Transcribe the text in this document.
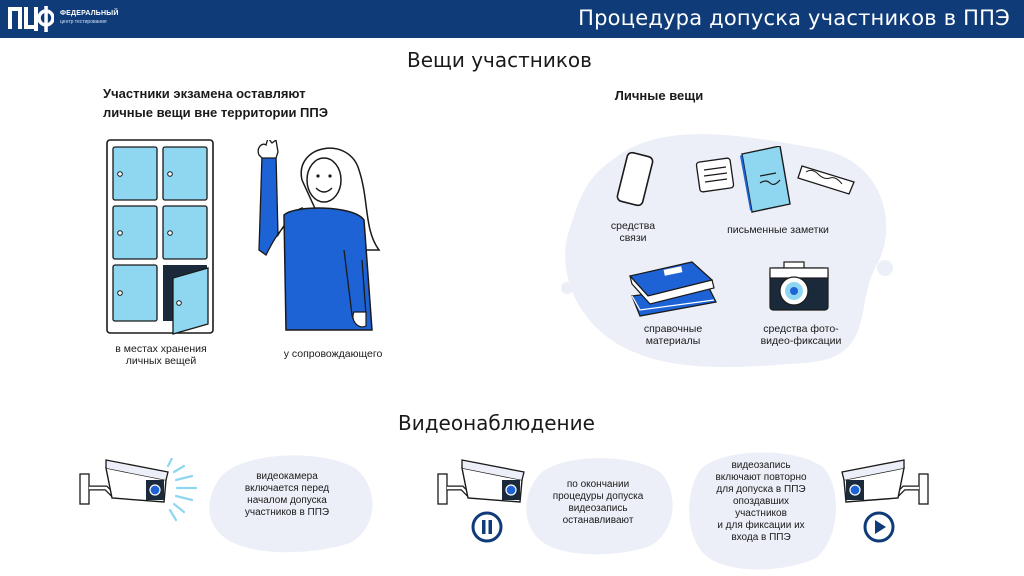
ФЕДЕРАЛЬНЫЙ
центр тестирования	Процедура допуска участников в ППЭ
Вещи участников
Участники экзамена оставляют
личные вещи вне территории ППЭ
в местах хранения
личных вещей
у сопровождающего
Личные вещи
средства
связи
письменные заметки
справочные
материалы
средства фото-
видео-фиксации
Видеонаблюдение
видеокамера
включается перед
началом допуска
участников в ППЭ
по окончании
процедуры допуска
видеозапись
останавливают
видеозапись
включают повторно
для допуска в ППЭ
опоздавших
участников
и для фиксации их
входа в ППЭ
